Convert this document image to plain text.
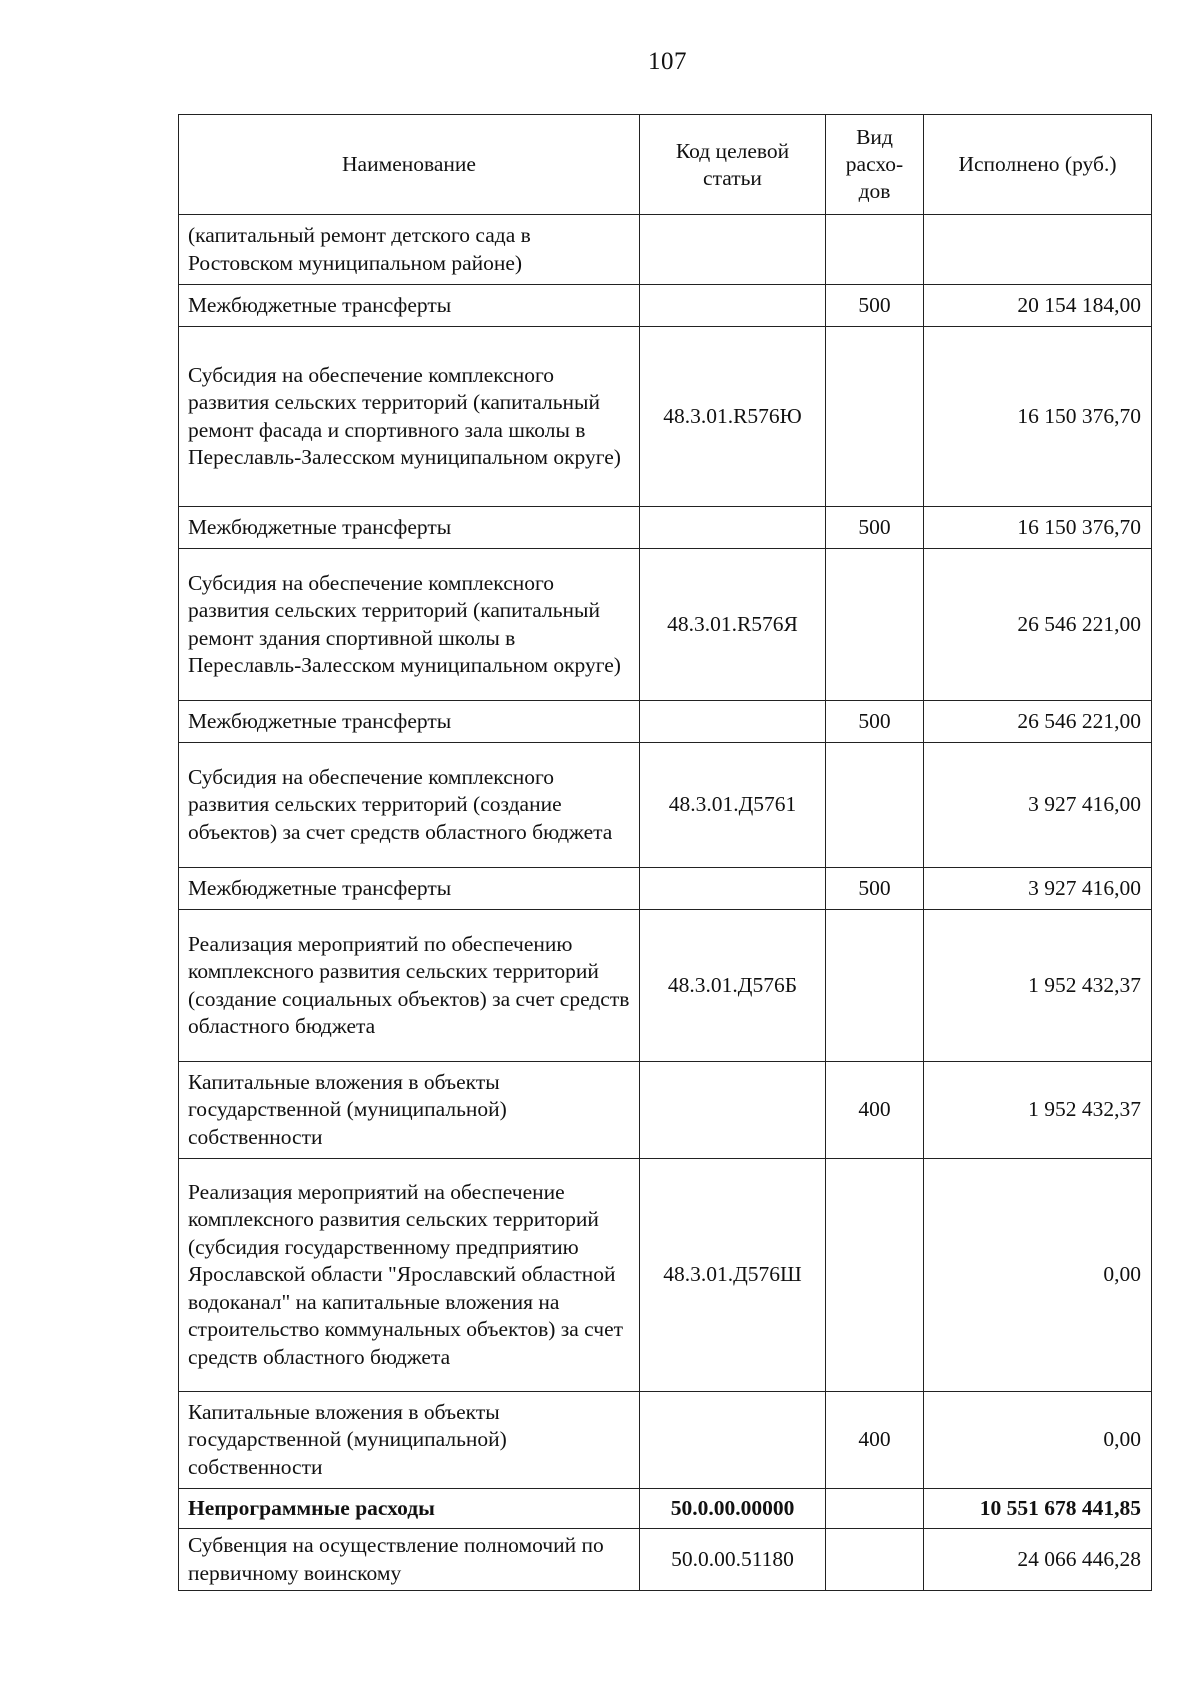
107
Наименование	Код целевой статьи	Вид расхо-дов	Исполнено (руб.)
(капитальный ремонт детского сада в Ростовском муниципальном районе)			
Межбюджетные трансферты		500	20 154 184,00
Субсидия на обеспечение комплексного развития сельских территорий (капитальный ремонт фасада и спортивного зала школы в Переславль-Залесском муниципальном округе)	48.3.01.R576Ю		16 150 376,70
Межбюджетные трансферты		500	16 150 376,70
Субсидия на обеспечение комплексного развития сельских территорий (капитальный ремонт здания спортивной школы в Переславль-Залесском муниципальном округе)	48.3.01.R576Я		26 546 221,00
Межбюджетные трансферты		500	26 546 221,00
Субсидия на обеспечение комплексного развития сельских территорий (создание объектов) за счет средств областного бюджета	48.3.01.Д5761		3 927 416,00
Межбюджетные трансферты		500	3 927 416,00
Реализация мероприятий по обеспечению комплексного развития сельских территорий (создание социальных объектов) за счет средств областного бюджета	48.3.01.Д576Б		1 952 432,37
Капитальные вложения в объекты государственной (муниципальной) собственности		400	1 952 432,37
Реализация мероприятий на обеспечение комплексного развития сельских территорий (субсидия государственному предприятию Ярославской области "Ярославский областной водоканал" на капитальные вложения на строительство коммунальных объектов) за счет средств областного бюджета	48.3.01.Д576Ш		0,00
Капитальные вложения в объекты государственной (муниципальной) собственности		400	0,00
Непрограммные расходы	50.0.00.00000		10 551 678 441,85
Субвенция на осуществление полномочий по первичному воинскому	50.0.00.51180		24 066 446,28
